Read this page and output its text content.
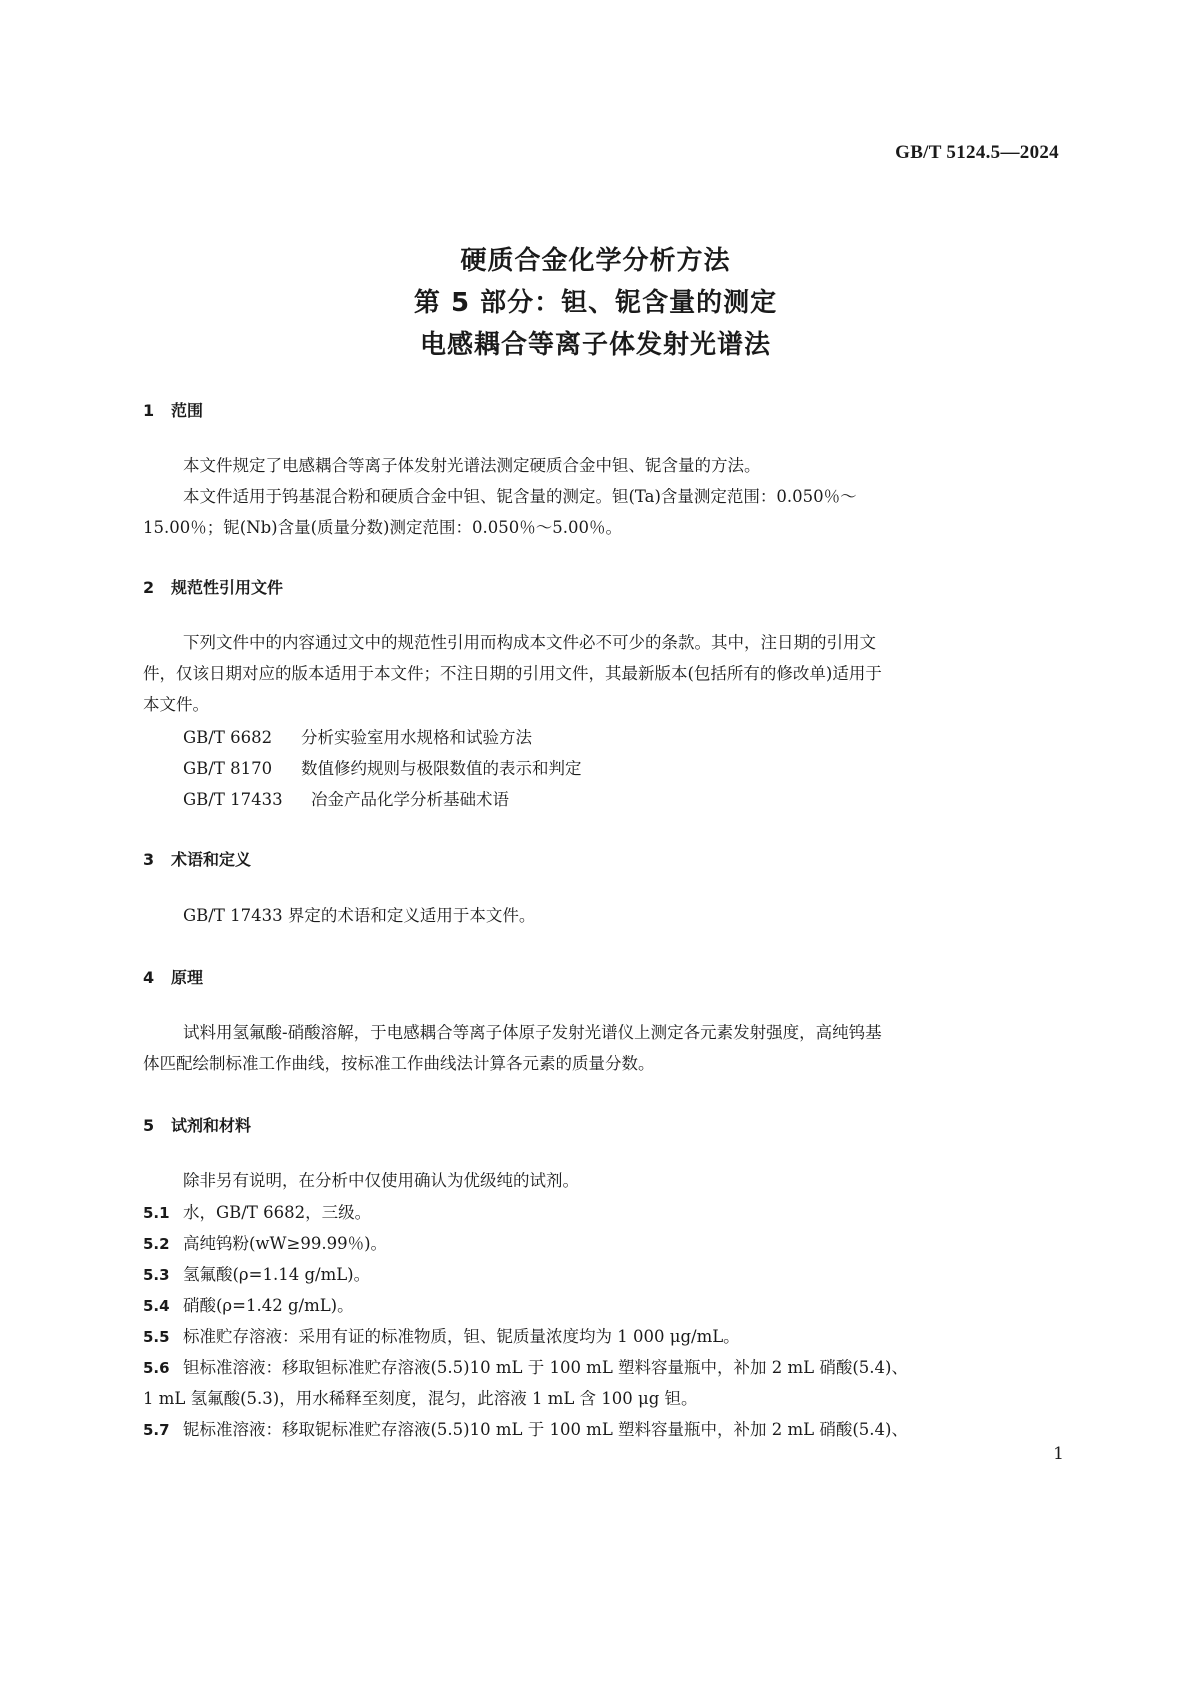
GB/T 5124.5—2024
硬质合金化学分析方法
第 5 部分：钽、铌含量的测定
电感耦合等离子体发射光谱法
1 范围
本文件规定了电感耦合等离子体发射光谱法测定硬质合金中钽、铌含量的方法。
本文件适用于钨基混合粉和硬质合金中钽、铌含量的测定。钽(Ta)含量测定范围：0.050％～
15.00％；铌(Nb)含量(质量分数)测定范围：0.050％～5.00％。
2 规范性引用文件
下列文件中的内容通过文中的规范性引用而构成本文件必不可少的条款。其中，注日期的引用文
件，仅该日期对应的版本适用于本文件；不注日期的引用文件，其最新版本(包括所有的修改单)适用于
本文件。
GB/T 6682 分析实验室用水规格和试验方法
GB/T 8170 数值修约规则与极限数值的表示和判定
GB/T 17433 冶金产品化学分析基础术语
3 术语和定义
GB/T 17433 界定的术语和定义适用于本文件。
4 原理
试料用氢氟酸-硝酸溶解，于电感耦合等离子体原子发射光谱仪上测定各元素发射强度，高纯钨基
体匹配绘制标准工作曲线，按标准工作曲线法计算各元素的质量分数。
5 试剂和材料
除非另有说明，在分析中仅使用确认为优级纯的试剂。
5.1 水，GB/T 6682，三级。
5.2 高纯钨粉(wW≥99.99％)。
5.3 氢氟酸(ρ=1.14 g/mL)。
5.4 硝酸(ρ=1.42 g/mL)。
5.5 标准贮存溶液：采用有证的标准物质，钽、铌质量浓度均为 1 000 μg/mL。
5.6 钽标准溶液：移取钽标准贮存溶液(5.5)10 mL 于 100 mL 塑料容量瓶中，补加 2 mL 硝酸(5.4)、
1 mL 氢氟酸(5.3)，用水稀释至刻度，混匀，此溶液 1 mL 含 100 μg 钽。
5.7 铌标准溶液：移取铌标准贮存溶液(5.5)10 mL 于 100 mL 塑料容量瓶中，补加 2 mL 硝酸(5.4)、
1
